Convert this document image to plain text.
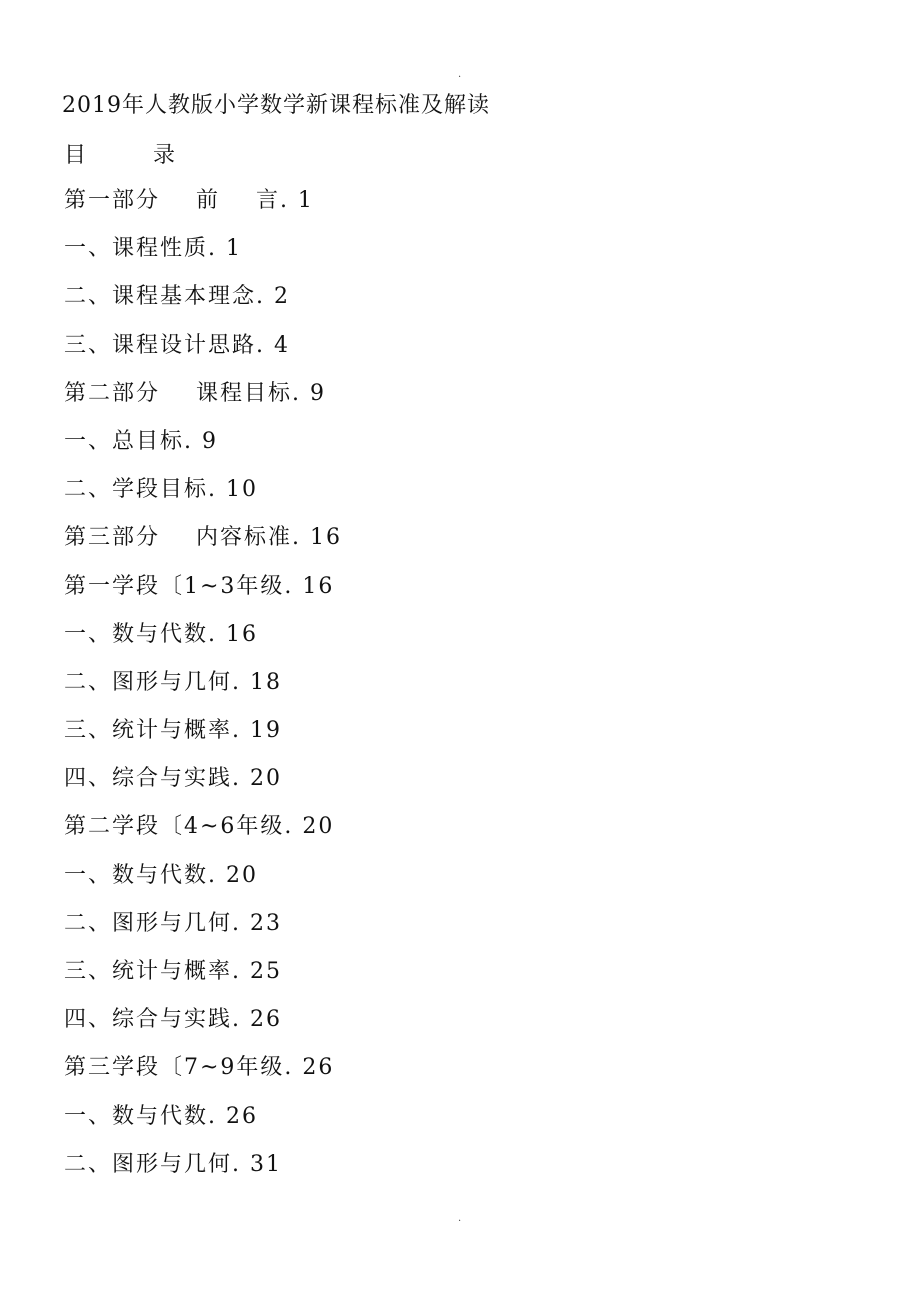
.
2019年人教版小学数学新课程标准及解读
目 录
第一部分    前    言. 1
一、课程性质. 1
二、课程基本理念. 2
三、课程设计思路. 4
第二部分    课程目标. 9
一、总目标. 9
二、学段目标. 10
第三部分    内容标准. 16
第一学段〔1~3年级. 16
一、数与代数. 16
二、图形与几何. 18
三、统计与概率. 19
四、综合与实践. 20
第二学段〔4~6年级. 20
一、数与代数. 20
二、图形与几何. 23
三、统计与概率. 25
四、综合与实践. 26
第三学段〔7~9年级. 26
一、数与代数. 26
二、图形与几何. 31
.
